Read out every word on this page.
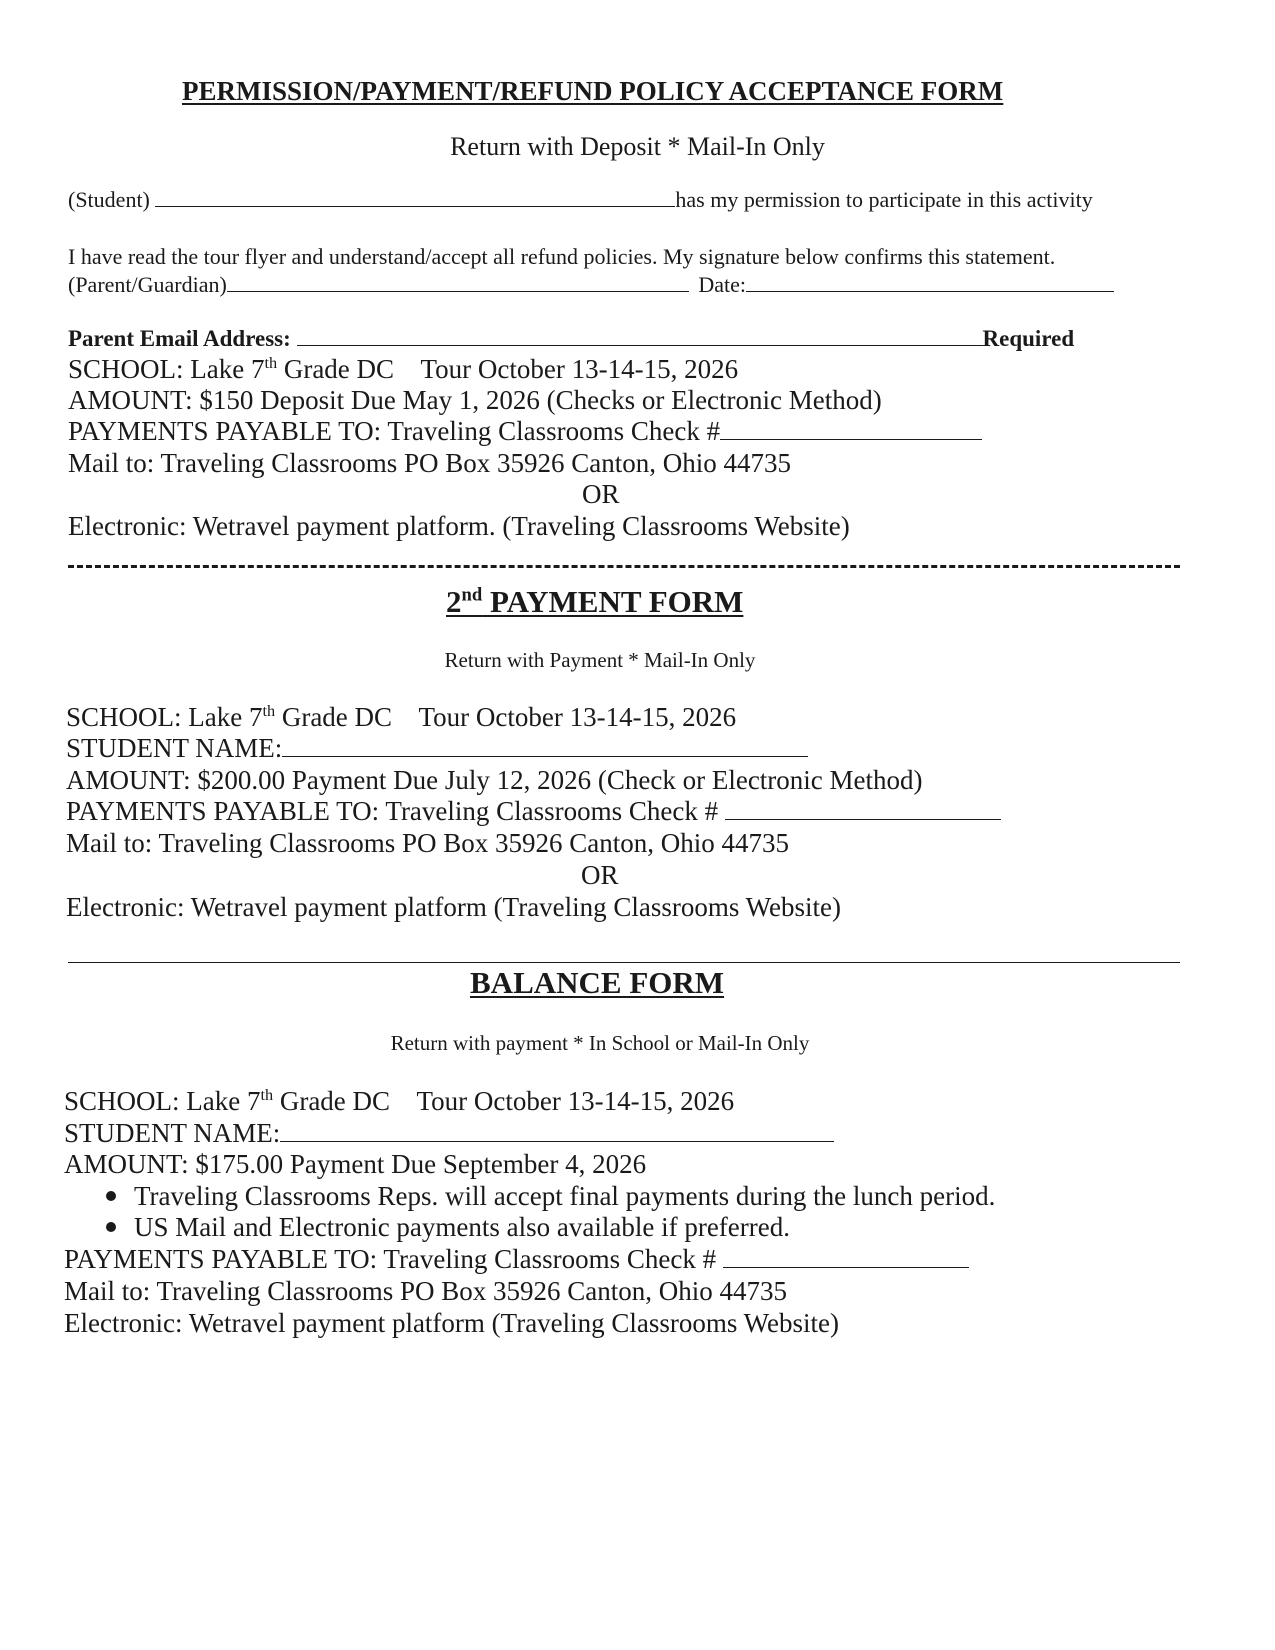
PERMISSION/PAYMENT/REFUND POLICY ACCEPTANCE FORM
Return with Deposit * Mail-In Only
(Student)	has my permission to participate in this activity
I have read the tour flyer and understand/accept all refund policies. My signature below confirms this statement.
(Parent/Guardian)	Date:
Parent Email Address:	Required
SCHOOL: Lake 7th Grade DC    Tour October 13-14-15, 2026
AMOUNT: $150 Deposit Due May 1, 2026 (Checks or Electronic Method)
PAYMENTS PAYABLE TO: Traveling Classrooms Check #
Mail to: Traveling Classrooms PO Box 35926 Canton, Ohio 44735
OR
Electronic: Wetravel payment platform. (Traveling Classrooms Website)
2nd PAYMENT FORM
Return with Payment * Mail-In Only
SCHOOL: Lake 7th Grade DC    Tour October 13-14-15, 2026
STUDENT NAME:
AMOUNT: $200.00 Payment Due July 12, 2026 (Check or Electronic Method)
PAYMENTS PAYABLE TO: Traveling Classrooms Check #
Mail to: Traveling Classrooms PO Box 35926 Canton, Ohio 44735
OR
Electronic: Wetravel payment platform (Traveling Classrooms Website)
BALANCE FORM
Return with payment * In School or Mail-In Only
SCHOOL: Lake 7th Grade DC    Tour October 13-14-15, 2026
STUDENT NAME:
AMOUNT: $175.00 Payment Due September 4, 2026
Traveling Classrooms Reps. will accept final payments during the lunch period.
US Mail and Electronic payments also available if preferred.
PAYMENTS PAYABLE TO: Traveling Classrooms Check #
Mail to: Traveling Classrooms PO Box 35926 Canton, Ohio 44735
Electronic: Wetravel payment platform (Traveling Classrooms Website)
